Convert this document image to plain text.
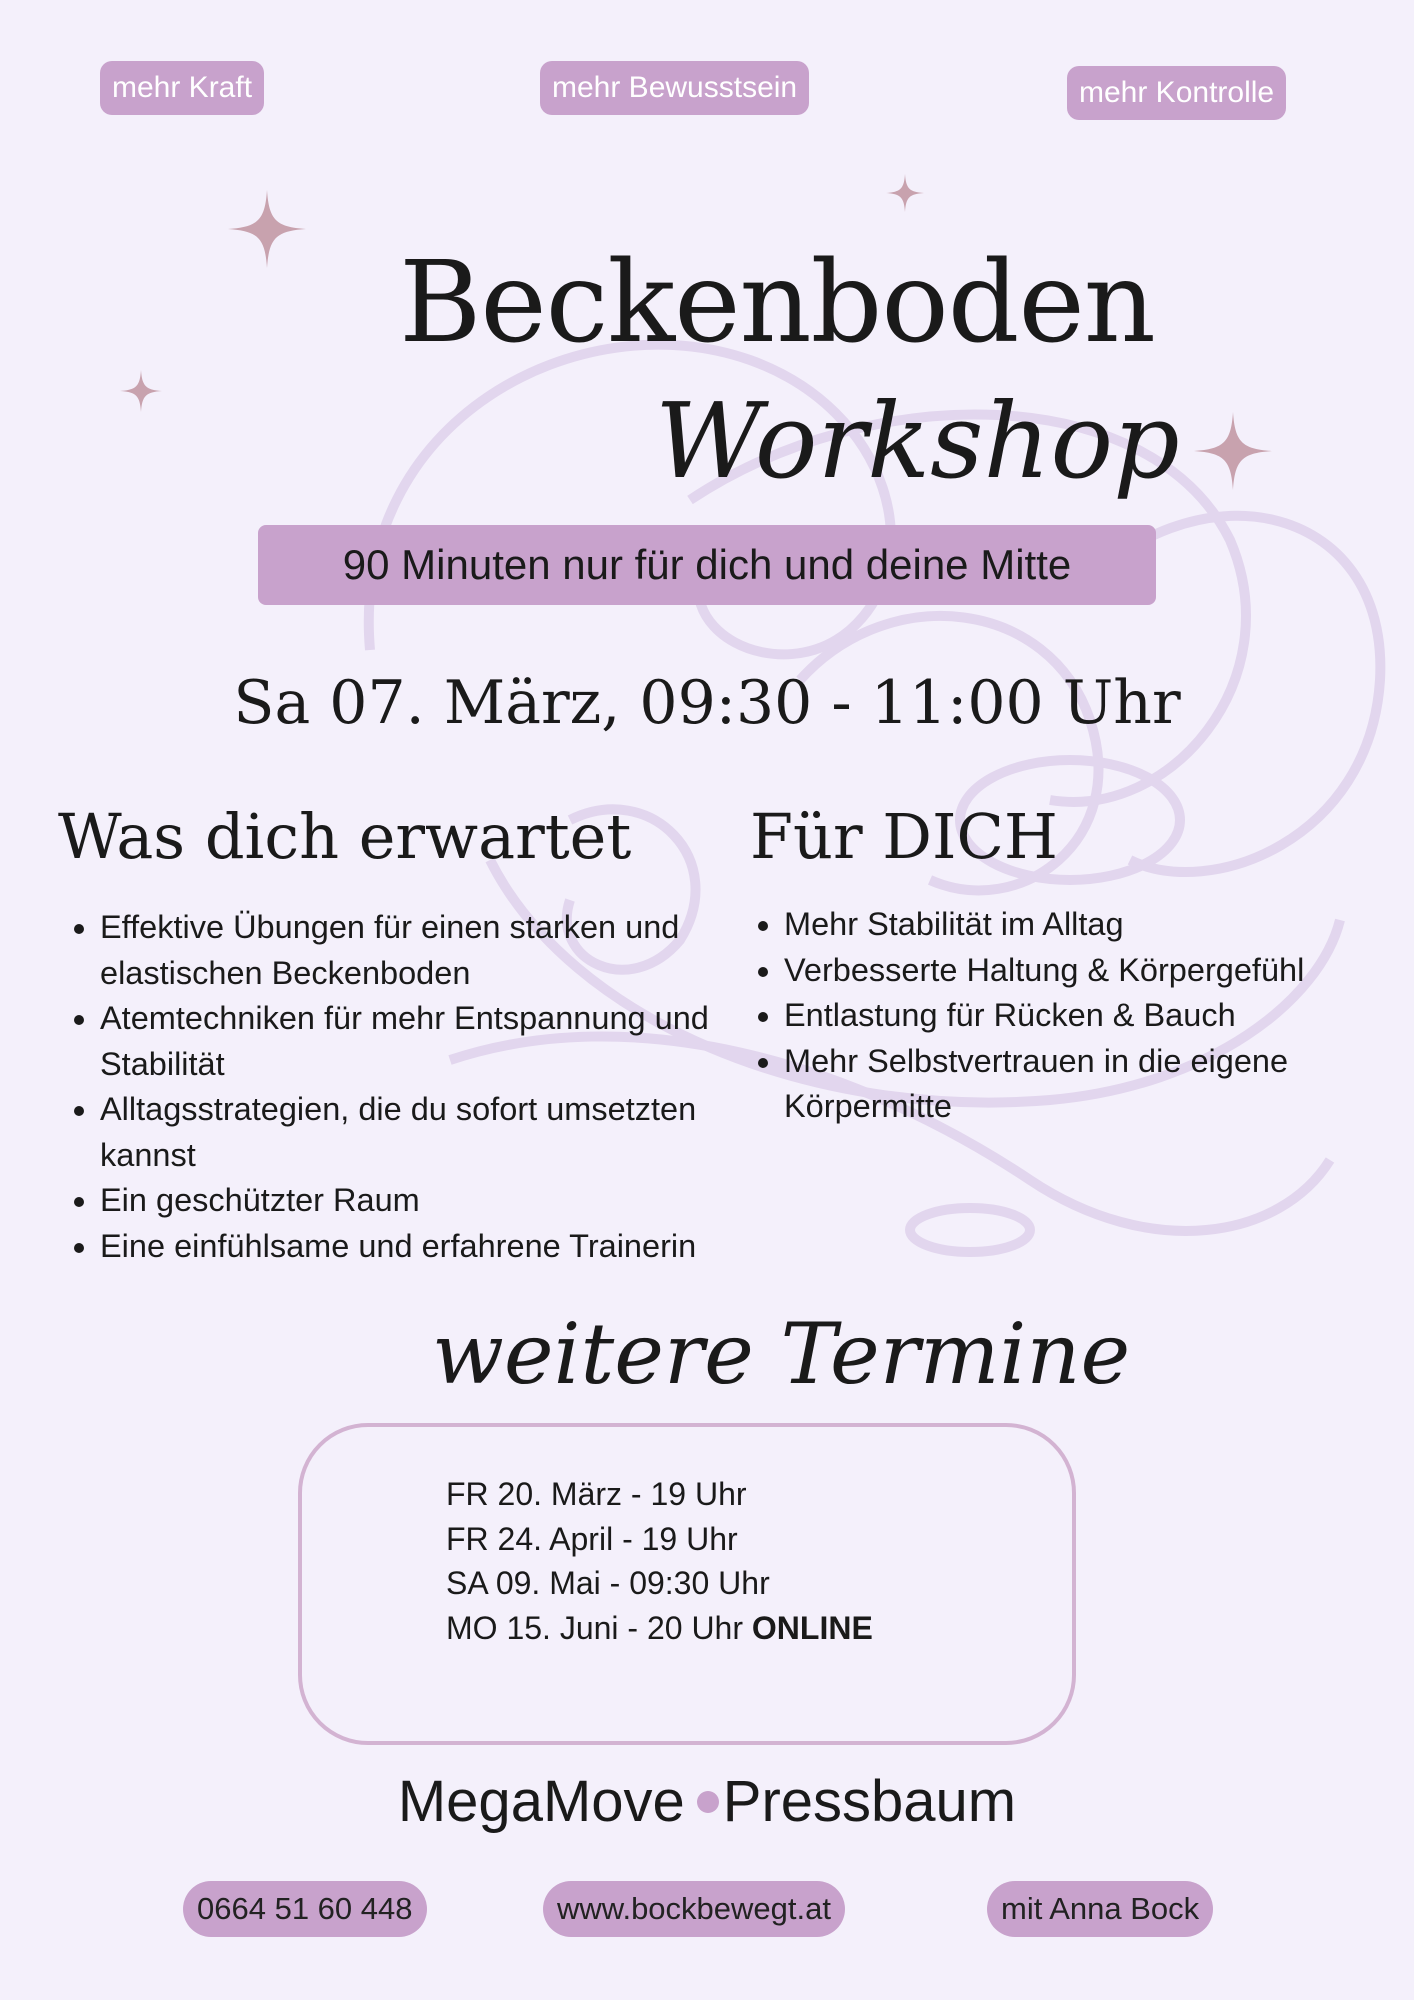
mehr Kraft	mehr Bewusstsein	mehr Kontrolle
Beckenboden
Workshop
90 Minuten nur für dich und deine Mitte
Sa 07. März, 09:30 - 11:00 Uhr
Was dich erwartet
• Effektive Übungen für einen starken und elastischen Beckenboden
• Atemtechniken für mehr Entspannung und Stabilität
• Alltagsstrategien, die du sofort umsetzten kannst
• Ein geschützter Raum
• Eine einfühlsame und erfahrene Trainerin
Für DICH
• Mehr Stabilität im Alltag
• Verbesserte Haltung & Körpergefühl
• Entlastung für Rücken & Bauch
• Mehr Selbstvertrauen in die eigene Körpermitte
weitere Termine
FR 20. März - 19 Uhr
FR 24. April - 19 Uhr
SA 09. Mai - 09:30 Uhr
MO 15. Juni - 20 Uhr ONLINE
MegaMove Pressbaum
0664 51 60 448	www.bockbewegt.at	mit Anna Bock
